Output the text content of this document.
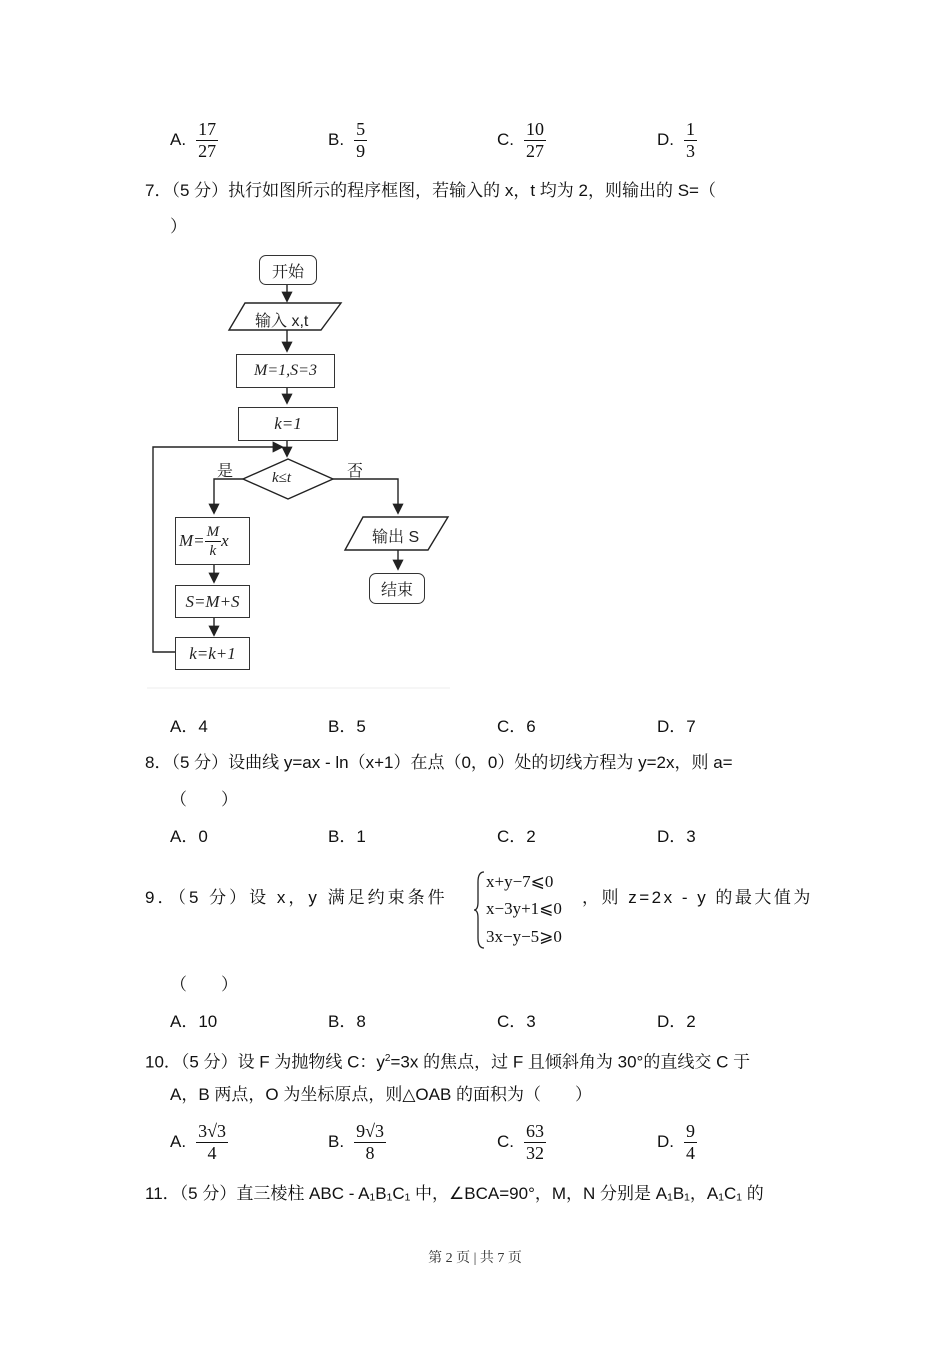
A. $\frac{17}{27}$	B. $\frac{5}{9}$	C. $\frac{10}{27}$	D. $\frac{1}{3}$
7．（5 分）执行如图所示的程序框图，若输入的 x，t 均为 2，则输出的 S=（
）
开始
输入 x,t
M=1,S=3
k=1
k≤t
是	否
$M= \frac{M}{k}$ x
S=M+S
k=k+1
输出 S
结束
A．4	B．5	C．6	D．7
8．（5 分）设曲线 y=ax - ln（x+1）在点（0，0）处的切线方程为 y=2x，则 a=
（　　）
A．0	B．1	C．2	D．3
9．（5 分）设 x，y 满足约束条件
x+y−7⩽0
x−3y+1⩽0
3x−y−5⩾0
，则 z=2x - y 的最大值为
（　　）
A．10	B．8	C．3	D．2
10．（5 分）设 F 为抛物线 C：$y^2=3x$ 的焦点，过 F 且倾斜角为 30°的直线交 C 于
A，B 两点，O 为坐标原点，则△OAB 的面积为（　　）
A. $\frac{3√3}{4}$	B. $\frac{9√3}{8}$	C. $\frac{63}{32}$	D. $\frac{9}{4}$
11．（5 分）直三棱柱 ABC - A₁B₁C₁ 中，∠BCA=90°，M，N 分别是 A₁B₁，A₁C₁ 的
第 2 页 | 共 7 页
